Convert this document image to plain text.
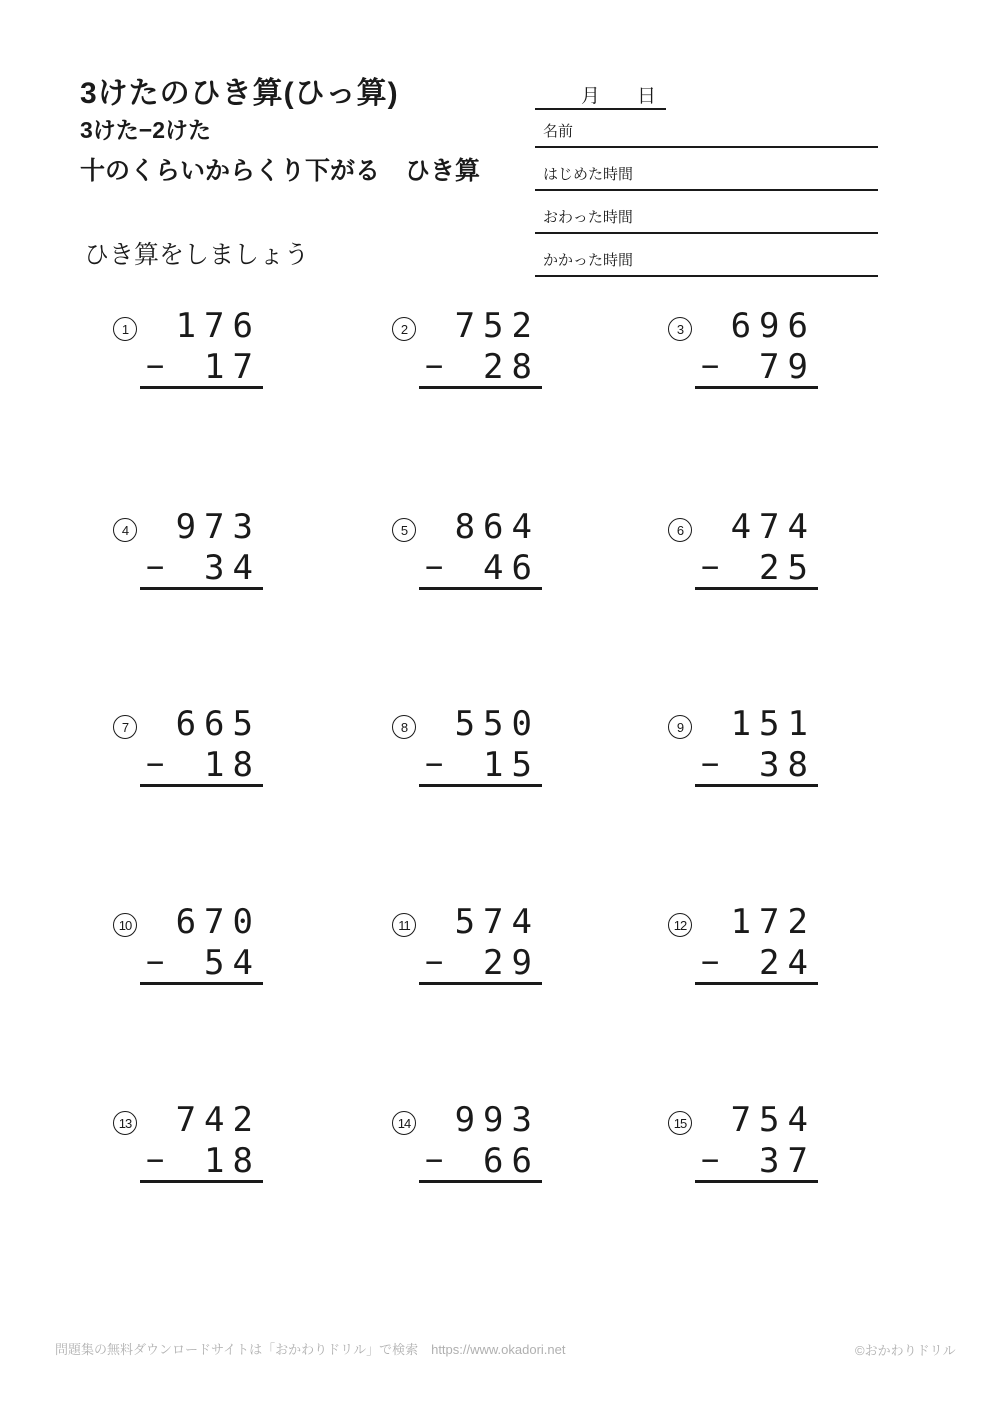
3けたのひき算(ひっ算)
3けた−2けた
十のくらいからくり下がる　ひき算
ひき算をしましょう
月 日
名前
はじめた時間
おわった時間
かかった時間
1 176
− 17
2 752
− 28
3 696
− 79
4 973
− 34
5 864
− 46
6 474
− 25
7 665
− 18
8 550
− 15
9 151
− 38
10 670
− 54
11 574
− 29
12 172
− 24
13 742
− 18
14 993
− 66
15 754
− 37
問題集の無料ダウンロードサイトは「おかわりドリル」で検索　https://www.okadori.net	©おかわりドリル
